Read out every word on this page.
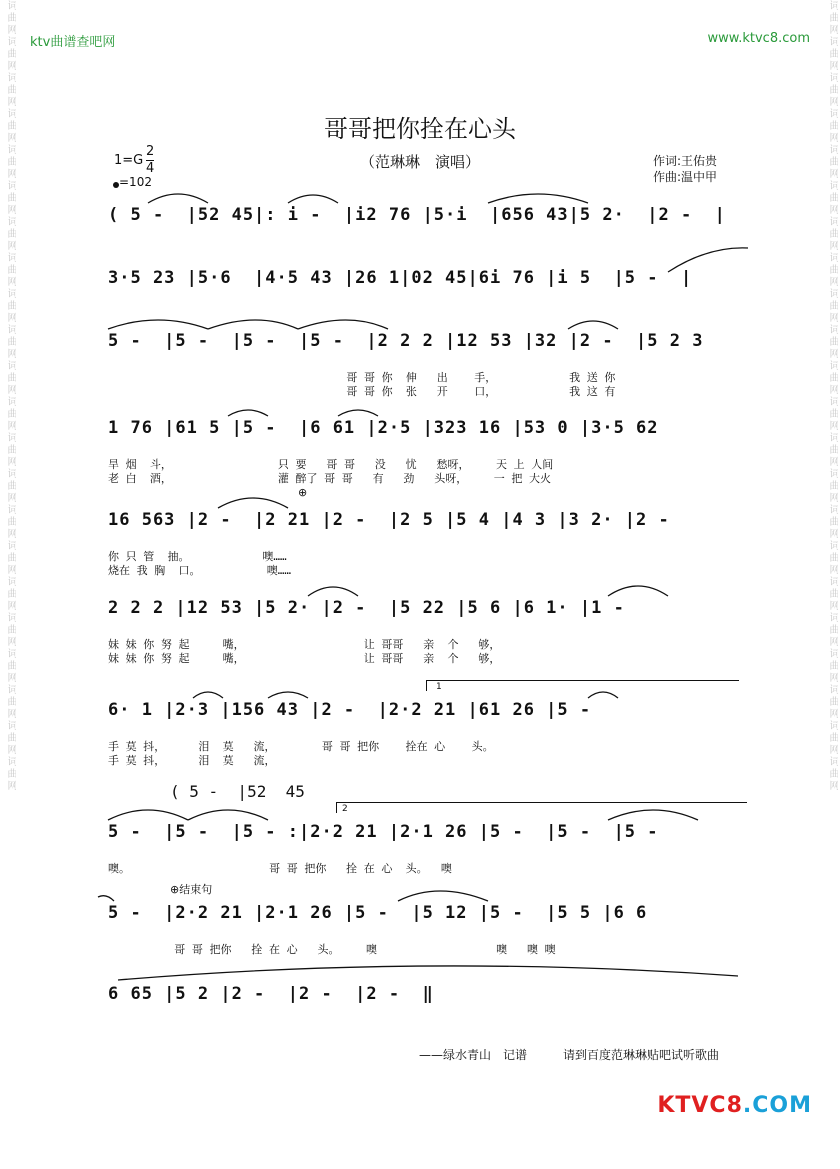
词曲网词曲网词曲网词曲网词曲网词曲网词曲网词曲网词曲网词曲网词曲网词曲网词曲网词曲网词曲网词曲网词曲网词曲网词曲网词曲网词曲网词曲网	词曲网词曲网词曲网词曲网词曲网词曲网词曲网词曲网词曲网词曲网词曲网词曲网词曲网词曲网词曲网词曲网词曲网词曲网词曲网词曲网词曲网词曲网
ktv曲谱查吧网	www.ktvc8.com
哥哥把你拴在心头
（范琳琳　演唱）
$1=G \frac{2}{4}$
=102
作词:王佑贵
作曲:温中甲
( 5 -  |52 45|: i -  |i2 76 |5·i  |656 43|5 2·  |2 -  |
3·5 23 |5·6  |4·5 43 |26 1|02 45|6i 76 |i 5  |5 -  |
5 -  |5 -  |5 -  |5 -  |2 2 2 |12 53 |32 |2 -  |5 2 3
哥 哥 你  伸   出    手，           我 送 你
哥 哥 你  张   开    口，           我 这 有
1 76 |61 5 |5 -  |6 61 |2·5 |323 16 |53 0 |3·5 62
旱 烟  斗，                只 要   哥 哥   没   忧   愁呀，    天 上 人间
老 白  酒，                灌 醉了 哥 哥   有   劲   头呀，    一 把 大火
⊕
16 563 |2 -  |2 21 |2 -  |2 5 |5 4 |4 3 |3 2· |2 -
你 只 管  抽。           噢……
烧在 我 胸  口。          噢……
2 2 2 |12 53 |5 2· |2 -  |5 22 |5 6 |6 1· |1 -
妹 妹 你 努 起     嘴，                  让 哥哥   亲  个   够，
妹 妹 你 努 起     嘴，                  让 哥哥   亲  个   够，
1
6· 1 |2·3 |156 43 |2 -  |2·2 21 |61 26 |5 -
手 莫 抖，     泪  莫   流，       哥 哥 把你    拴在 心    头。
手 莫 抖，     泪  莫   流，
( 5 -  |52  45
2
5 -  |5 -  |5 - :|2·2 21 |2·1 26 |5 -  |5 -  |5 -
噢。                     哥 哥 把你   拴 在 心  头。  噢
⊕结束句
5 -  |2·2 21 |2·1 26 |5 -  |5 12 |5 -  |5 5 |6 6
哥 哥 把你   拴 在 心   头。    噢                  噢   噢 噢
6 65 |5 2 |2 -  |2 -  |2 -  ‖
——绿水青山　记谱　　　请到百度范琳琳贴吧试听歌曲
KTVC8.COM
